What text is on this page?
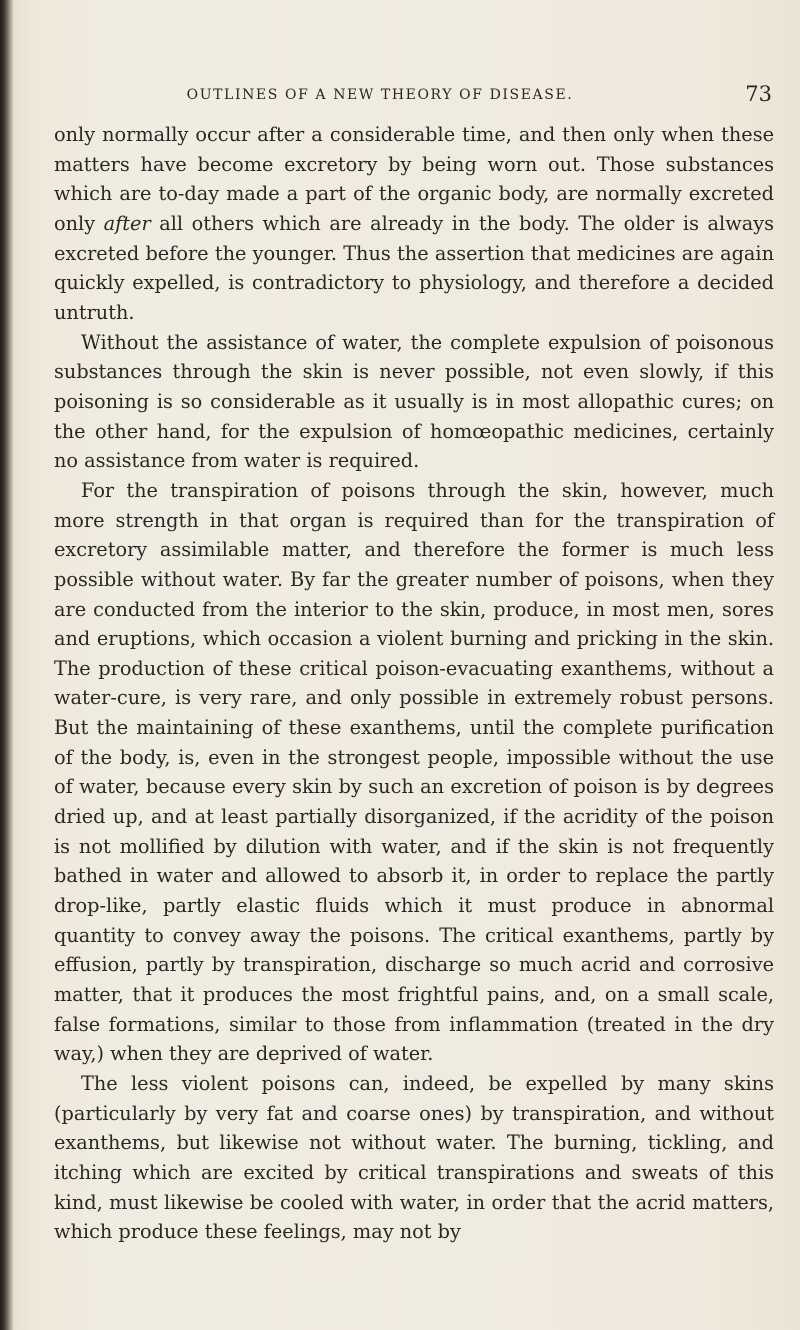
OUTLINES OF A NEW THEORY OF DISEASE.	73

only normally occur after a considerable time, and then only when these matters have become excretory by being worn out. Those substances which are to-day made a part of the organic body, are normally excreted only after all others which are already in the body. The older is always excreted before the younger. Thus the assertion that medicines are again quickly expelled, is contradictory to physiology, and therefore a decided untruth.

Without the assistance of water, the complete expulsion of poisonous substances through the skin is never possible, not even slowly, if this poisoning is so considerable as it usually is in most allopathic cures; on the other hand, for the expulsion of homœopathic medicines, certainly no assistance from water is required.

For the transpiration of poisons through the skin, however, much more strength in that organ is required than for the transpiration of excretory assimilable matter, and therefore the former is much less possible without water. By far the greater number of poisons, when they are conducted from the interior to the skin, produce, in most men, sores and eruptions, which occasion a violent burning and pricking in the skin. The production of these critical poison-evacuating exanthems, without a water-cure, is very rare, and only possible in extremely robust persons. But the maintaining of these exanthems, until the complete purification of the body, is, even in the strongest people, impossible without the use of water, because every skin by such an excretion of poison is by degrees dried up, and at least partially disorganized, if the acridity of the poison is not mollified by dilution with water, and if the skin is not frequently bathed in water and allowed to absorb it, in order to replace the partly drop-like, partly elastic fluids which it must produce in abnormal quantity to convey away the poisons. The critical exanthems, partly by effusion, partly by transpiration, discharge so much acrid and corrosive matter, that it produces the most frightful pains, and, on a small scale, false formations, similar to those from inflammation (treated in the dry way,) when they are deprived of water.

The less violent poisons can, indeed, be expelled by many skins (particularly by very fat and coarse ones) by transpiration, and without exanthems, but likewise not without water. The burning, tickling, and itching which are excited by critical transpirations and sweats of this kind, must likewise be cooled with water, in order that the acrid matters, which produce these feelings, may not by
